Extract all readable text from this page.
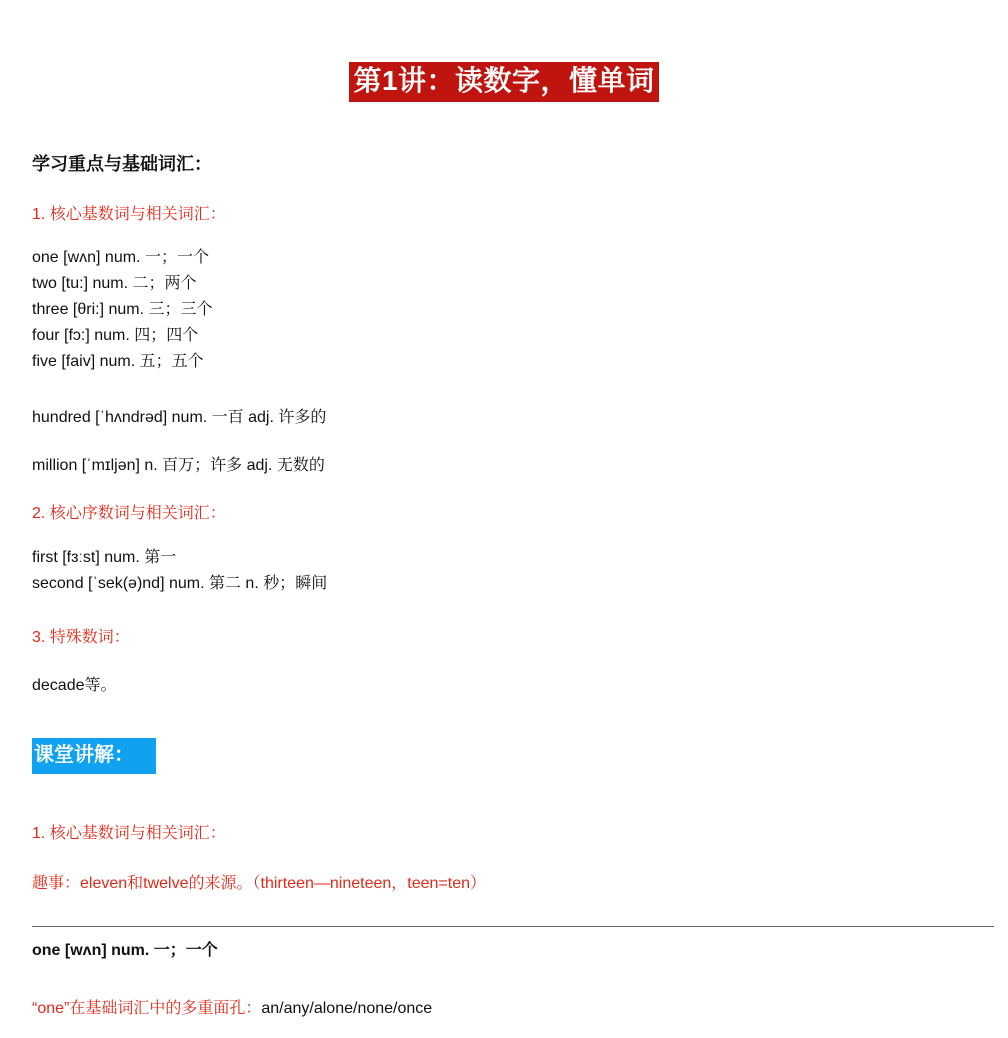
第1讲：读数字，懂单词
学习重点与基础词汇：
1. 核心基数词与相关词汇：
one [wʌn] num. 一；一个
two [tu:] num. 二；两个
three [θri:] num. 三；三个
four [fɔ:] num. 四；四个
five [faiv] num. 五；五个
hundred [ˈhʌndrəd] num. 一百 adj. 许多的
million [ˈmɪljən] n. 百万；许多 adj. 无数的
2. 核心序数词与相关词汇：
first [fɜːst] num. 第一
second [ˈsek(ə)nd] num. 第二 n. 秒；瞬间
3. 特殊数词：
decade等。
课堂讲解：
1. 核心基数词与相关词汇：
趣事：eleven和twelve的来源。（thirteen—nineteen，teen=ten）
one [wʌn] num. 一；一个
“one”在基础词汇中的多重面孔：an/any/alone/none/once
